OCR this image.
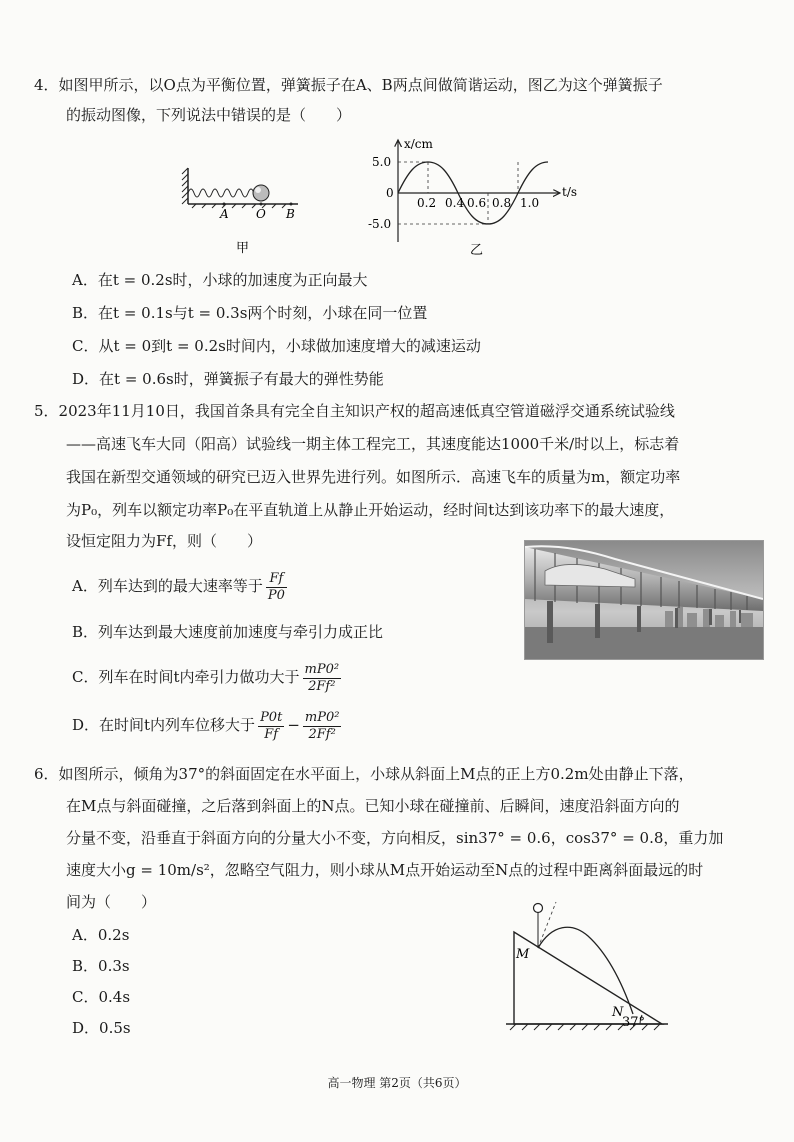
4．如图甲所示，以O点为平衡位置，弹簧振子在A、B两点间做简谐运动，图乙为这个弹簧振子
的振动图像，下列说法中错误的是（　　）
A O B
甲
x/cm
t/s
5.0
0
-5.0
0.2 0.4 0.6 0.8 1.0
乙
A．在t = 0.2s时，小球的加速度为正向最大
B．在t = 0.1s与t = 0.3s两个时刻，小球在同一位置
C．从t = 0到t = 0.2s时间内，小球做加速度增大的减速运动
D．在t = 0.6s时，弹簧振子有最大的弹性势能
5．2023年11月10日，我国首条具有完全自主知识产权的超高速低真空管道磁浮交通系统试验线
——高速飞车大同（阳高）试验线一期主体工程完工，其速度能达1000千米/时以上，标志着
我国在新型交通领域的研究已迈入世界先进行列。如图所示．高速飞车的质量为m，额定功率
为P₀，列车以额定功率P₀在平直轨道上从静止开始运动，经时间t达到该功率下的最大速度，
设恒定阻力为Ff，则（　　）
A．列车达到的最大速率等于 $\frac{Ff}{P0}$
B．列车达到最大速度前加速度与牵引力成正比
C．列车在时间t内牵引力做功大于 $\frac{\text{mP0²}}{\text{2Ff²}}$
D．在时间t内列车位移大于 $\frac{P0t}{Ff} - \frac{\text{mP0²}}{\text{2Ff²}}$
6．如图所示，倾角为37°的斜面固定在水平面上，小球从斜面上M点的正上方0.2m处由静止下落，
在M点与斜面碰撞，之后落到斜面上的N点。已知小球在碰撞前、后瞬间，速度沿斜面方向的
分量不变，沿垂直于斜面方向的分量大小不变，方向相反，sin37° = 0.6，cos37° = 0.8，重力加
速度大小g = 10m/s²，忽略空气阻力，则小球从M点开始运动至N点的过程中距离斜面最远的时
间为（　　）
A．0.2s
B．0.3s
C．0.4s
D．0.5s
M
N
37°
高一物理 第2页（共6页）
